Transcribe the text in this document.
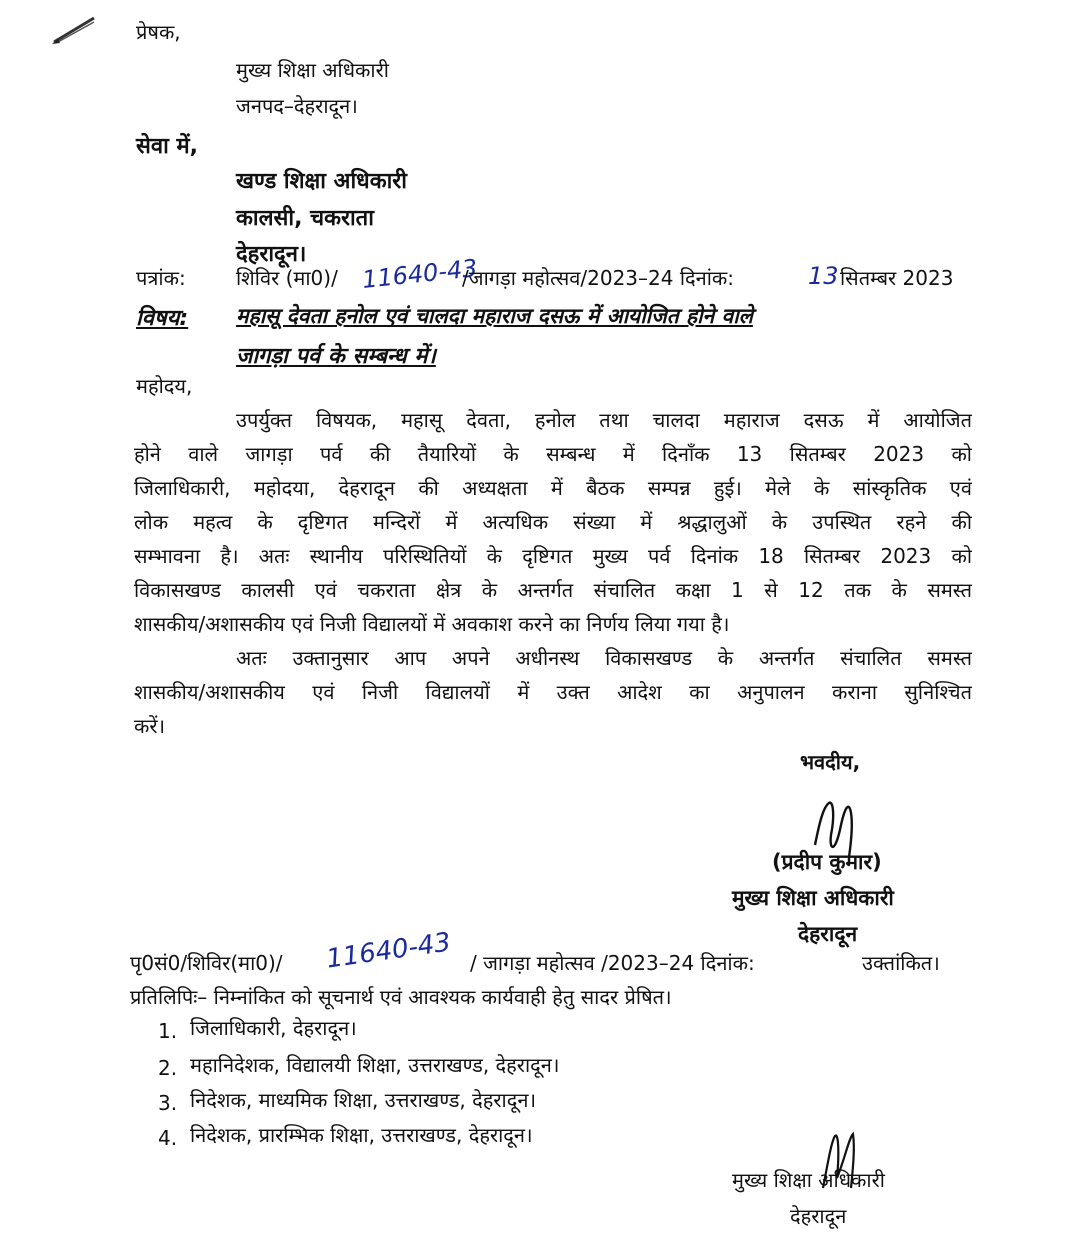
प्रेषक,
मुख्य शिक्षा अधिकारी
जनपद–देहरादून।
सेवा में,
खण्ड शिक्षा अधिकारी
कालसी, चकराता
देहरादून।
पत्रांक:	शिविर (मा0)/ 11640-43
/जागड़ा महोत्सव/2023–24 दिनांक:	13 सितम्बर 2023
विषय: महासू देवता हनोल एवं चालदा महाराज दसऊ में आयोजित होने वाले
जागड़ा पर्व के सम्बन्ध में।
महोदय,
उपर्युक्त विषयक, महासू देवता, हनोल तथा चालदा महाराज दसऊ में आयोजित
होने वाले जागड़ा पर्व की तैयारियों के सम्बन्ध में दिनाँक 13 सितम्बर 2023 को
जिलाधिकारी, महोदया, देहरादून की अध्यक्षता में बैठक सम्पन्न हुई। मेले के सांस्कृतिक एवं
लोक महत्व के दृष्टिगत मन्दिरों में अत्यधिक संख्या में श्रद्धालुओं के उपस्थित रहने की
सम्भावना है। अतः स्थानीय परिस्थितियों के दृष्टिगत मुख्य पर्व दिनांक 18 सितम्बर 2023 को
विकासखण्ड कालसी एवं चकराता क्षेत्र के अन्तर्गत संचालित कक्षा 1 से 12 तक के समस्त
शासकीय/अशासकीय एवं निजी विद्यालयों में अवकाश करने का निर्णय लिया गया है।
अतः उक्तानुसार आप अपने अधीनस्थ विकासखण्ड के अन्तर्गत संचालित समस्त
शासकीय/अशासकीय एवं निजी विद्यालयों में उक्त आदेश का अनुपालन कराना सुनिश्चित
करें।
भवदीय,
(प्रदीप कुमार)
मुख्य शिक्षा अधिकारी
देहरादून
पृ0सं0/शिविर(मा0)/ 11640-43 / जागड़ा महोत्सव /2023–24 दिनांक:	उक्तांकित।
प्रतिलिपिः– निम्नांकित को सूचनार्थ एवं आवश्यक कार्यवाही हेतु सादर प्रेषित।
1. जिलाधिकारी, देहरादून।
2. महानिदेशक, विद्यालयी शिक्षा, उत्तराखण्ड, देहरादून।
3. निदेशक, माध्यमिक शिक्षा, उत्तराखण्ड, देहरादून।
4. निदेशक, प्रारम्भिक शिक्षा, उत्तराखण्ड, देहरादून।
मुख्य शिक्षा अधिकारी
देहरादून
